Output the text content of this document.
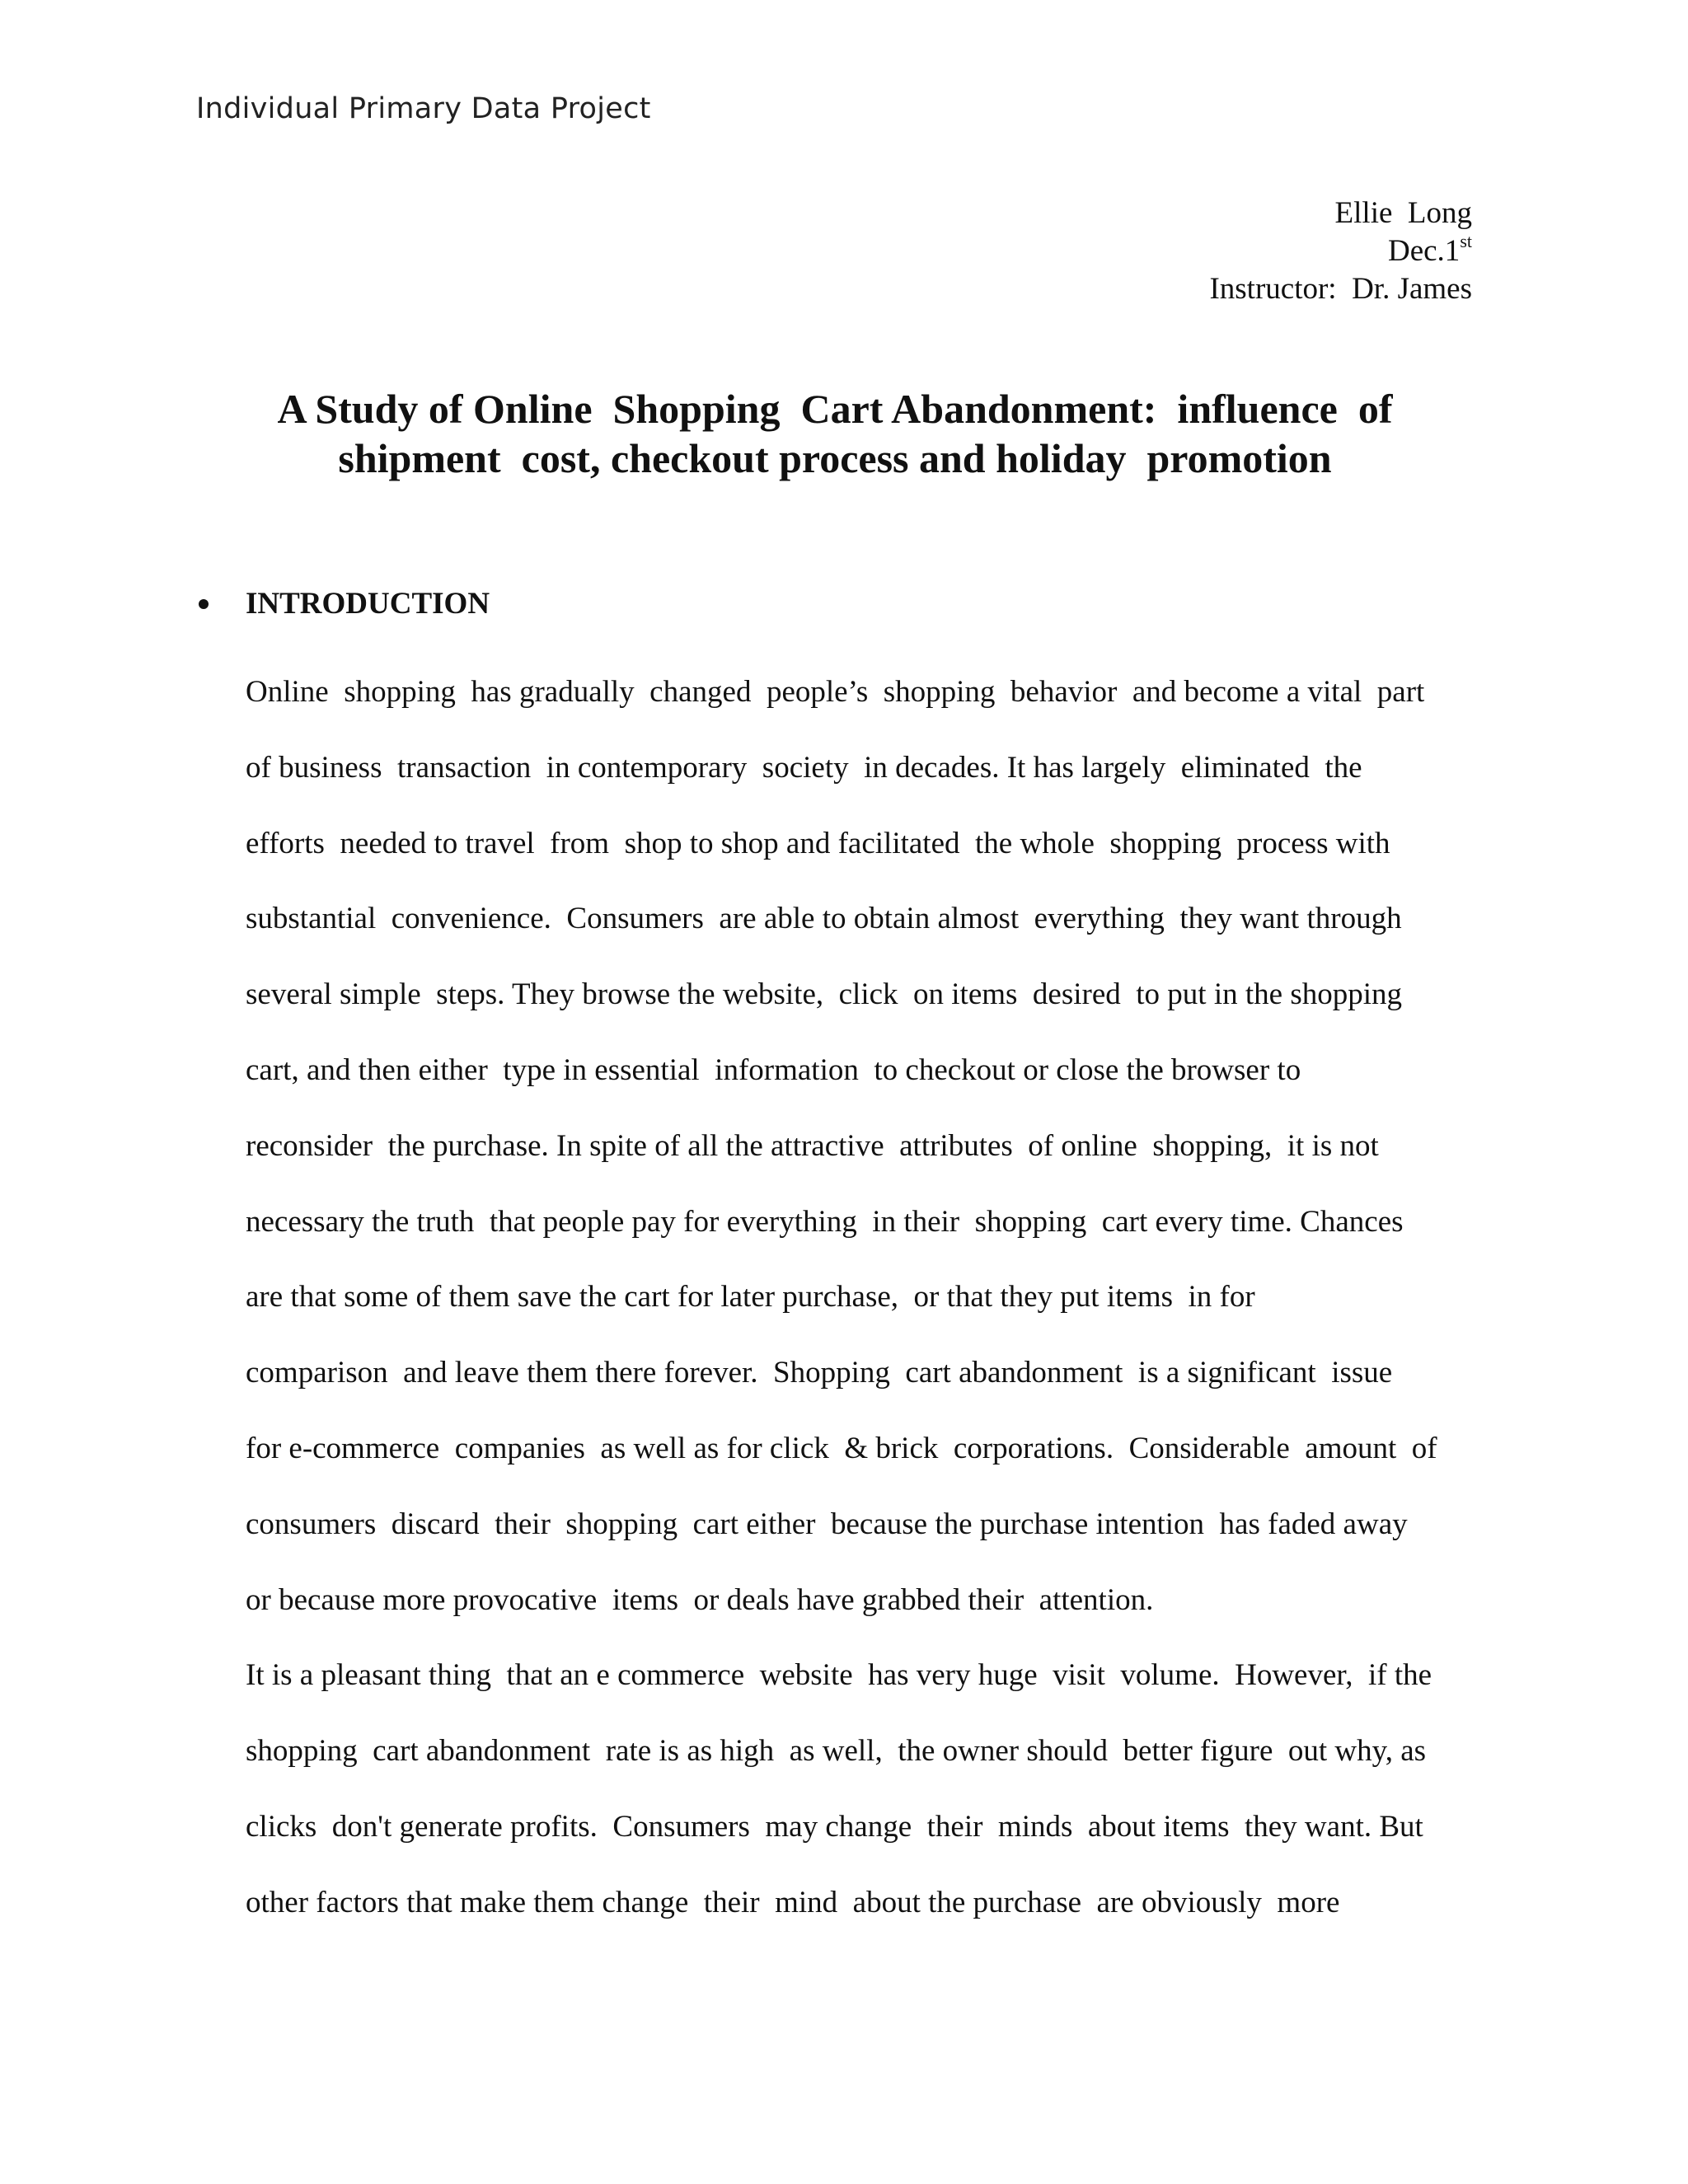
Individual Primary Data Project
Ellie  Long
Dec.1st
Instructor:  Dr. James
A Study of Online  Shopping  Cart Abandonment:  influence  of
shipment  cost, checkout process and holiday  promotion
INTRODUCTION
Online  shopping  has gradually  changed  people’s  shopping  behavior  and become a vital  part
of business  transaction  in contemporary  society  in decades. It has largely  eliminated  the
efforts  needed to travel  from  shop to shop and facilitated  the whole  shopping  process with
substantial  convenience.  Consumers  are able to obtain almost  everything  they want through
several simple  steps. They browse the website,  click  on items  desired  to put in the shopping
cart, and then either  type in essential  information  to checkout or close the browser to
reconsider  the purchase. In spite of all the attractive  attributes  of online  shopping,  it is not
necessary the truth  that people pay for everything  in their  shopping  cart every time. Chances
are that some of them save the cart for later purchase,  or that they put items  in for
comparison  and leave them there forever.  Shopping  cart abandonment  is a significant  issue
for e-commerce  companies  as well as for click  & brick  corporations.  Considerable  amount  of
consumers  discard  their  shopping  cart either  because the purchase intention  has faded away
or because more provocative  items  or deals have grabbed their  attention.
It is a pleasant thing  that an e commerce  website  has very huge  visit  volume.  However,  if the
shopping  cart abandonment  rate is as high  as well,  the owner should  better figure  out why, as
clicks  don't generate profits.  Consumers  may change  their  minds  about items  they want. But
other factors that make them change  their  mind  about the purchase  are obviously  more
